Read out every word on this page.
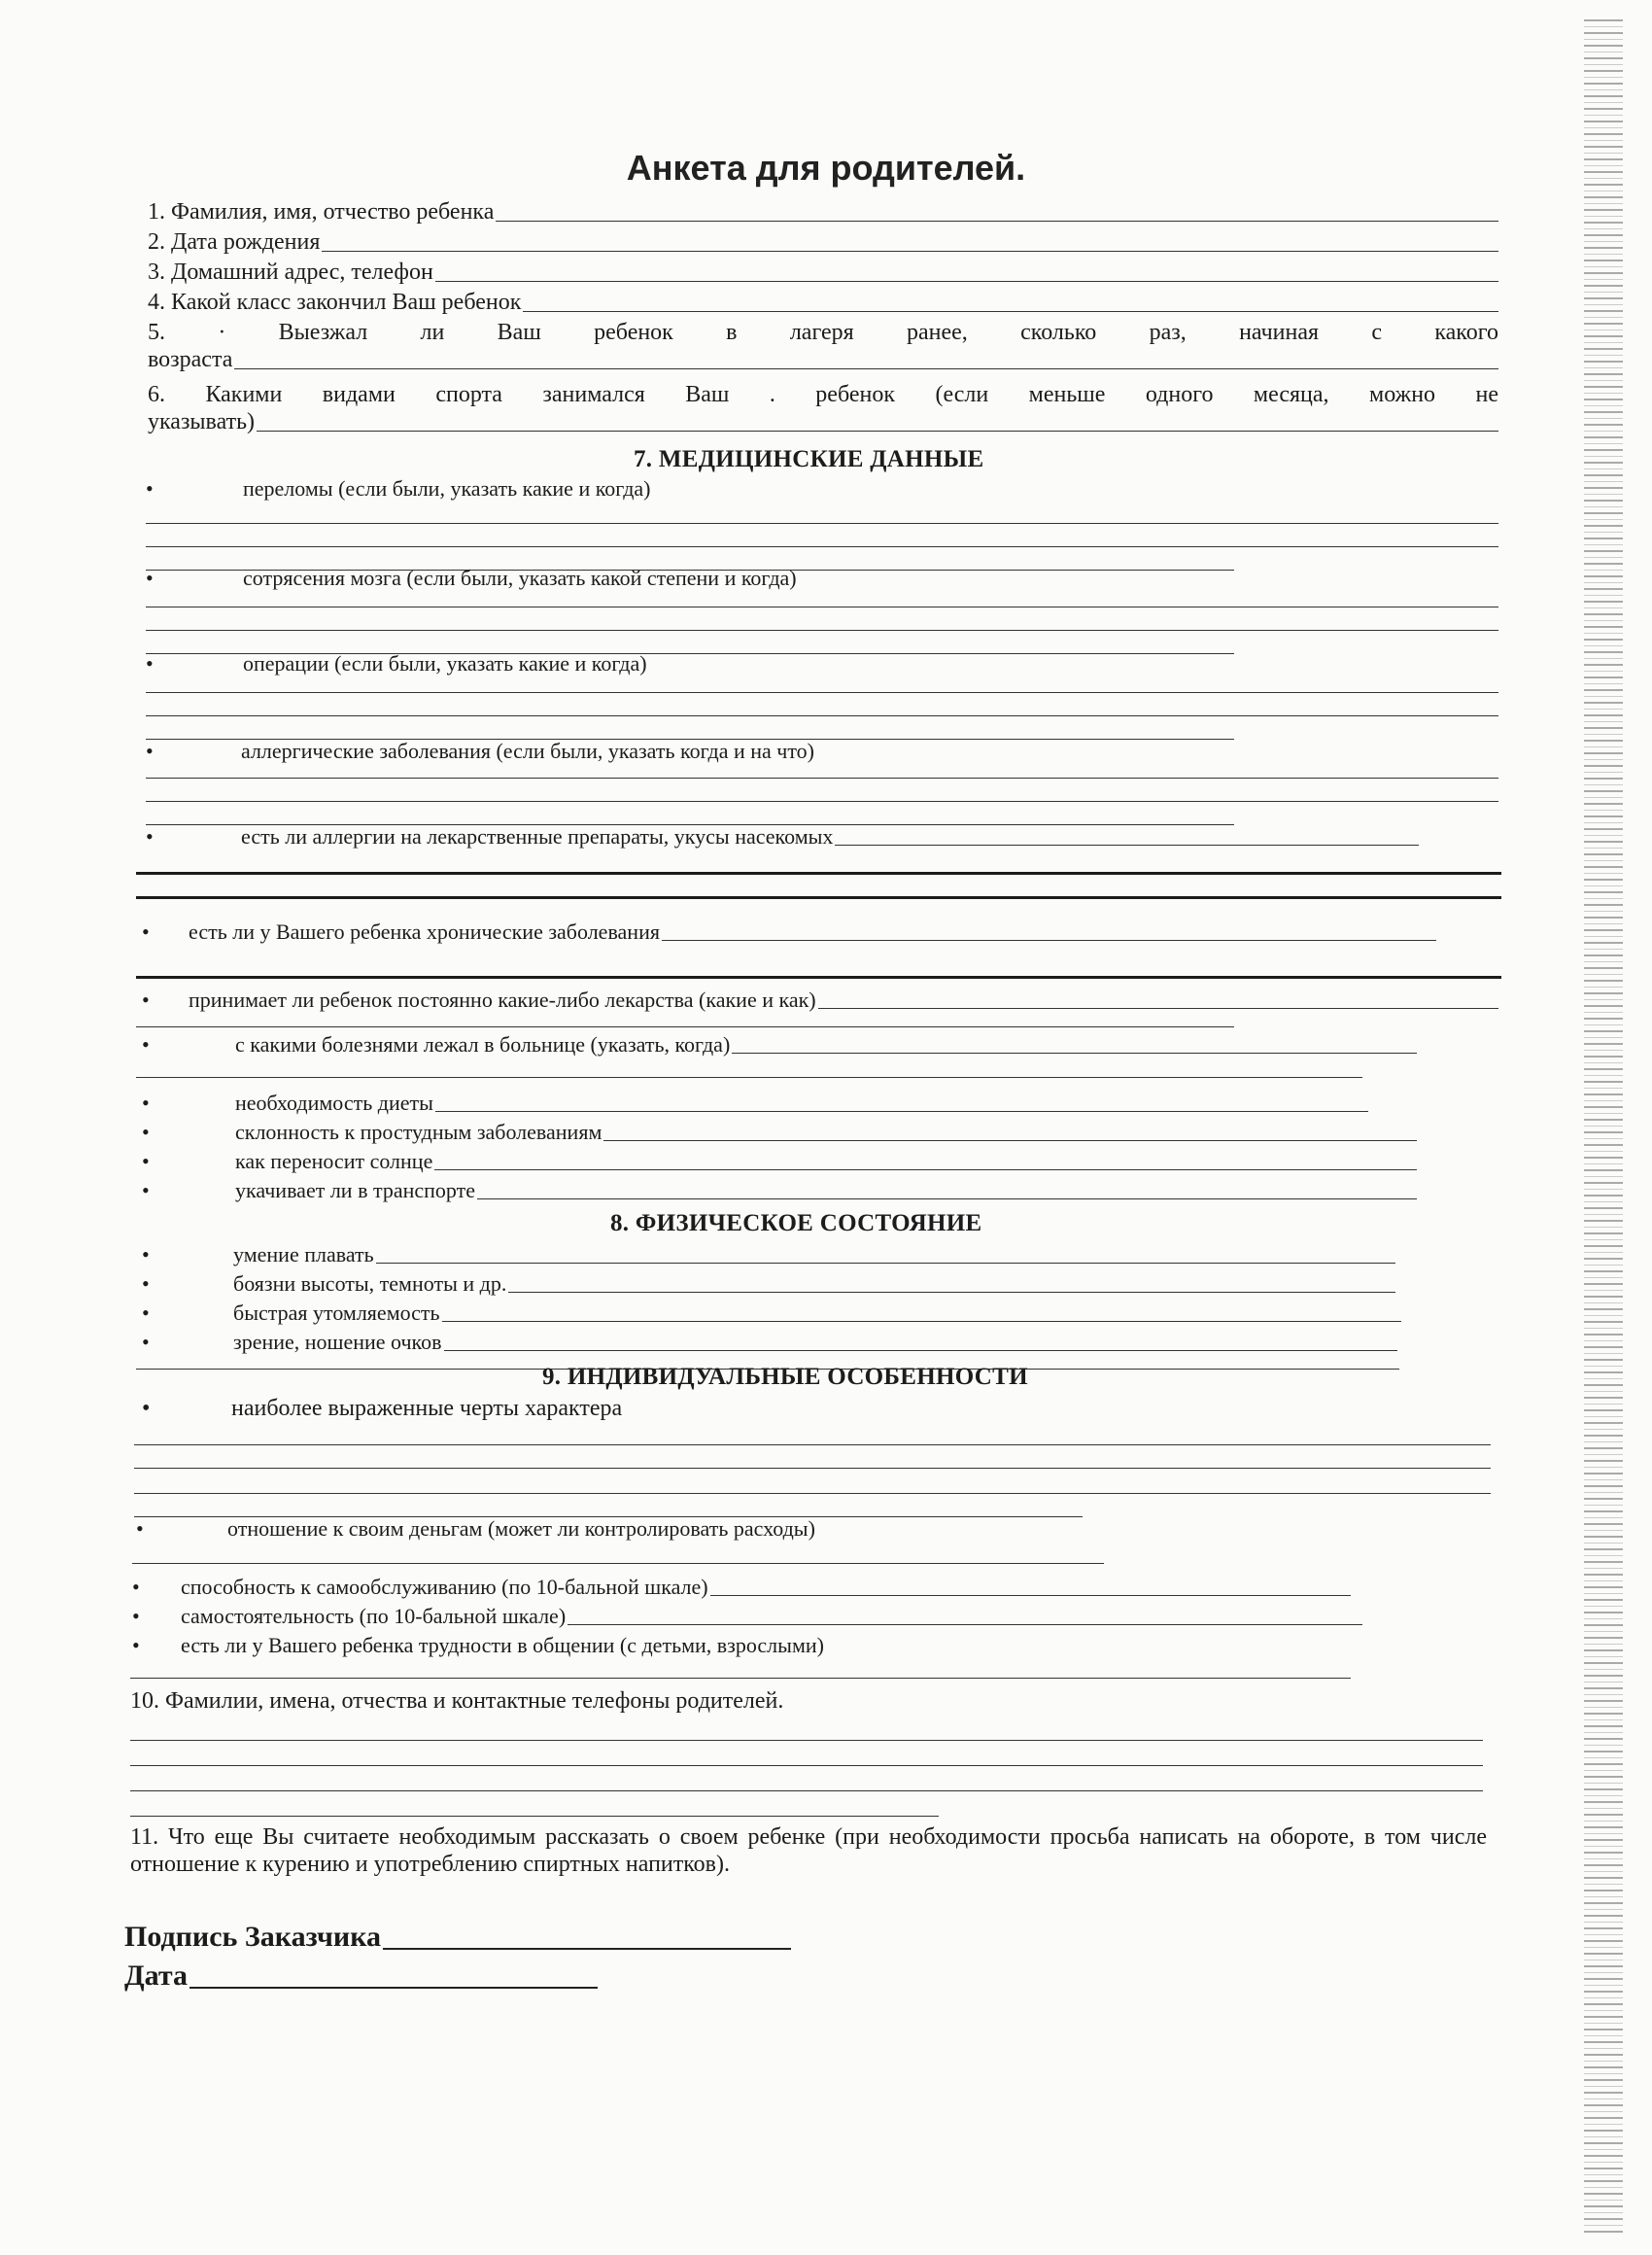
Анкета для родителей.
1. Фамилия, имя, отчество ребенка
2. Дата рождения
3. Домашний адрес, телефон
4. Какой класс закончил Ваш ребенок
5. · Выезжал ли Ваш ребенок в лагеря ранее, сколько раз, начиная с какого
возраста
6. Какими видами спорта занимался Ваш . ребенок (если меньше одного месяца, можно не
указывать)
7. МЕДИЦИНСКИЕ ДАННЫЕ
•	переломы (если были, указать какие и когда)
•	сотрясения мозга (если были, указать какой степени и когда)
•	операции (если были, указать какие и когда)
•	аллергические заболевания (если были, указать когда и на что)
•	есть ли аллергии на лекарственные препараты, укусы насекомых
• есть ли у Вашего ребенка хронические заболевания
• принимает ли ребенок постоянно какие-либо лекарства (какие и как)
•	с какими болезнями лежал в больнице (указать, когда)
•	необходимость диеты
•	склонность к простудным заболеваниям
•	как переносит солнце
•	укачивает ли в транспорте
8. ФИЗИЧЕСКОЕ СОСТОЯНИЕ
•	умение плавать
•	боязни высоты, темноты и др.
•	быстрая утомляемость
•	зрение, ношение очков
9. ИНДИВИДУАЛЬНЫЕ ОСОБЕННОСТИ
•	наиболее выраженные черты характера
•	отношение к своим деньгам (может ли контролировать расходы)
• способность к самообслуживанию (по 10-бальной шкале)
• самостоятельность (по 10-бальной шкале)
• есть ли у Вашего ребенка трудности в общении (с детьми, взрослыми)
10. Фамилии, имена, отчества и контактные телефоны родителей.
11. Что еще Вы считаете необходимым рассказать о своем ребенке (при необходимости просьба написать на обороте, в том числе отношение к курению и употреблению спиртных напитков).
Подпись Заказчика
Дата
